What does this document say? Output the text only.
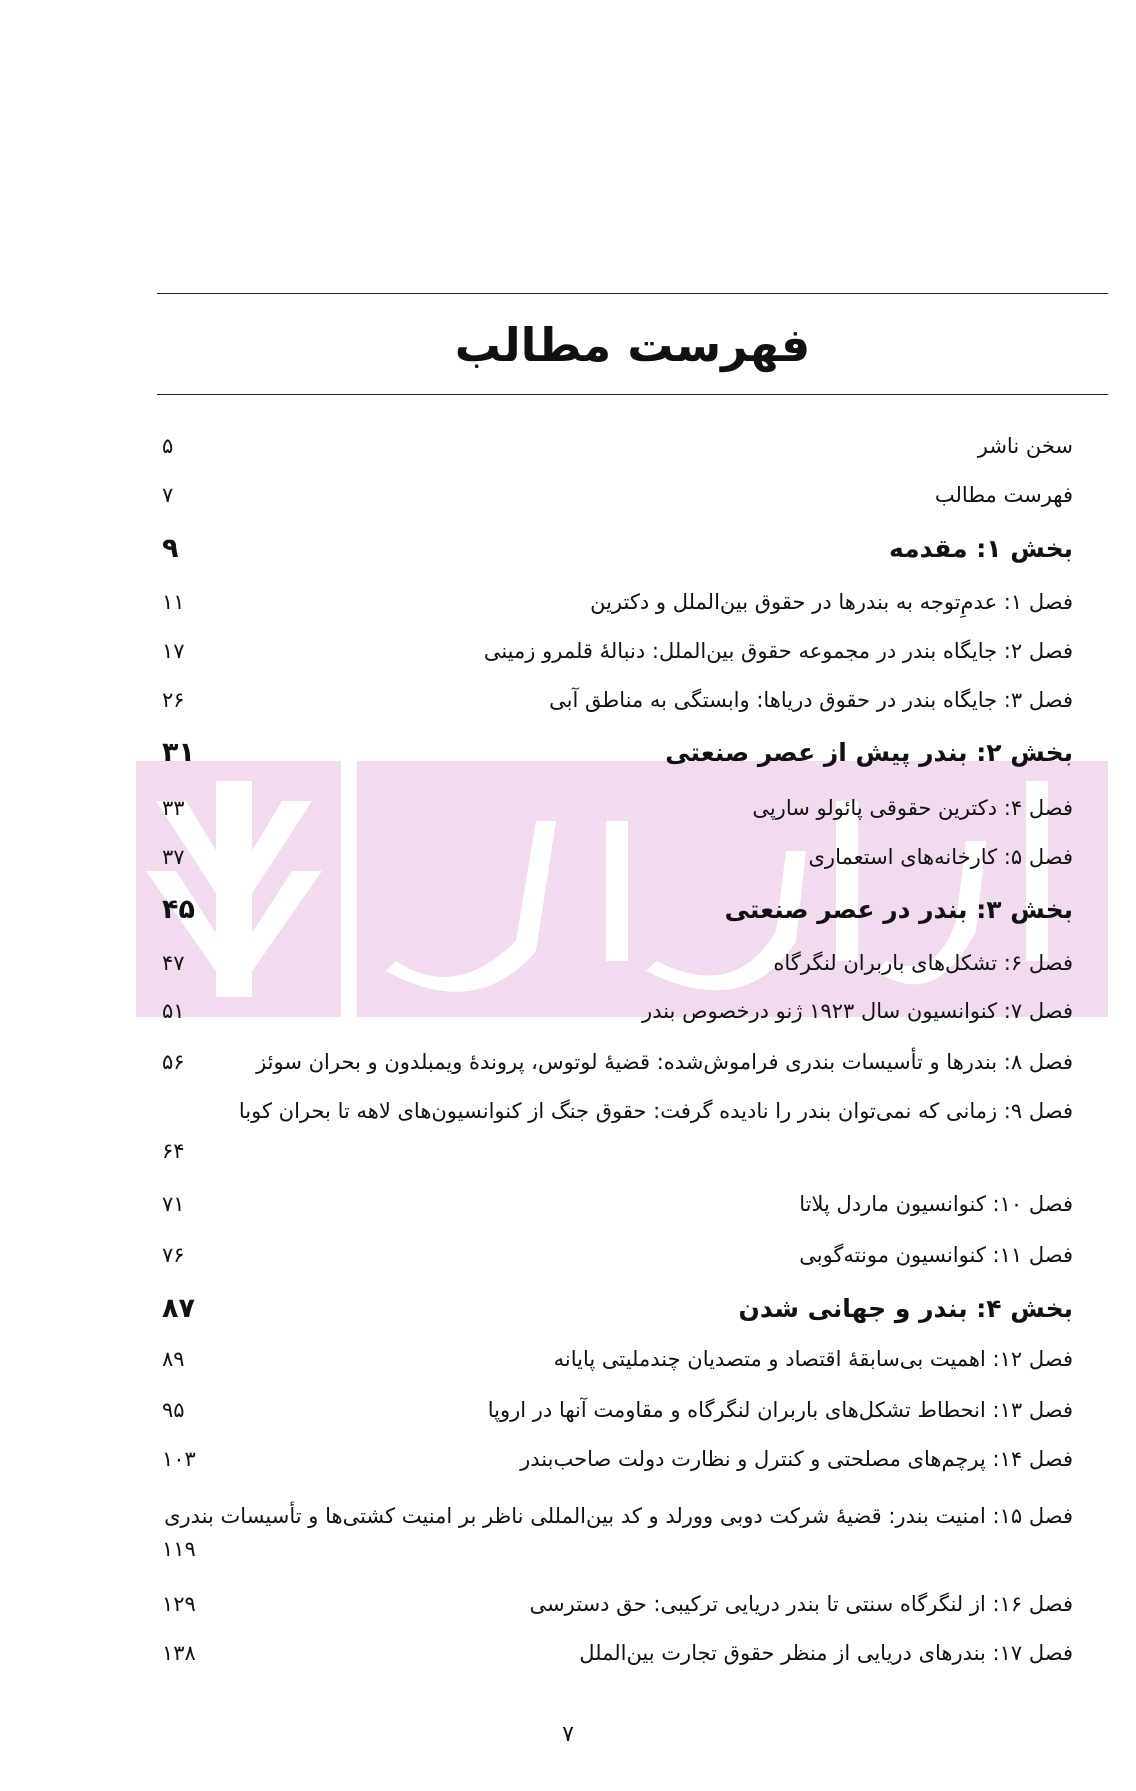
فهرست مطالب
سخن ناشر
۵
فهرست مطالب
۷
بخش ۱: مقدمه
۹
فصل ۱: عدمِ‌توجه به بندرها در حقوق بین‌الملل و دکترین
۱۱
فصل ۲: جایگاه بندر در مجموعه حقوق بین‌الملل: دنبالهٔ قلمرو زمینی
۱۷
فصل ۳: جایگاه بندر در حقوق دریاها: وابستگی به مناطق آبی
۲۶
بخش ۲: بندر پیش از عصر صنعتی
۳۱
فصل ۴: دکترین حقوقی پائولو سارپی
۳۳
فصل ۵: کارخانه‌های استعماری
۳۷
بخش ۳: بندر در عصر صنعتی
۴۵
فصل ۶: تشکل‌های باربران لنگرگاه
۴۷
فصل ۷: کنوانسیون سال ۱۹۲۳ ژنو درخصوص بندر
۵۱
فصل ۸: بندرها و تأسیسات بندری فراموش‌شده: قضیهٔ لوتوس، پروندهٔ ویمبلدون و بحران سوئز
۵۶
فصل ۹: زمانی که نمی‌توان بندر را نادیده گرفت: حقوق جنگ از کنوانسیون‌های لاهه تا بحران کوبا
۶۴
فصل ۱۰: کنوانسیون ماردل پلاتا
۷۱
فصل ۱۱: کنوانسیون مونته‌گوبی
۷۶
بخش ۴: بندر و جهانی شدن
۸۷
فصل ۱۲: اهمیت بی‌سابقهٔ اقتصاد و متصدیان چندملیتی پایانه
۸۹
فصل ۱۳: انحطاط تشکل‌های باربران لنگرگاه و مقاومت آنها در اروپا
۹۵
فصل ۱۴: پرچم‌های مصلحتی و کنترل و نظارت دولت صاحب‌بندر
۱۰۳
فصل ۱۵: امنیت بندر: قضیهٔ شرکت دوبی وورلد و کد بین‌المللی ناظر بر امنیت کشتی‌ها و تأسیسات بندری
۱۱۹
فصل ۱۶: از لنگرگاه سنتی تا بندر دریایی ترکیبی: حق دسترسی
۱۲۹
فصل ۱۷: بندرهای دریایی از منظر حقوق تجارت بین‌الملل
۱۳۸
۷
